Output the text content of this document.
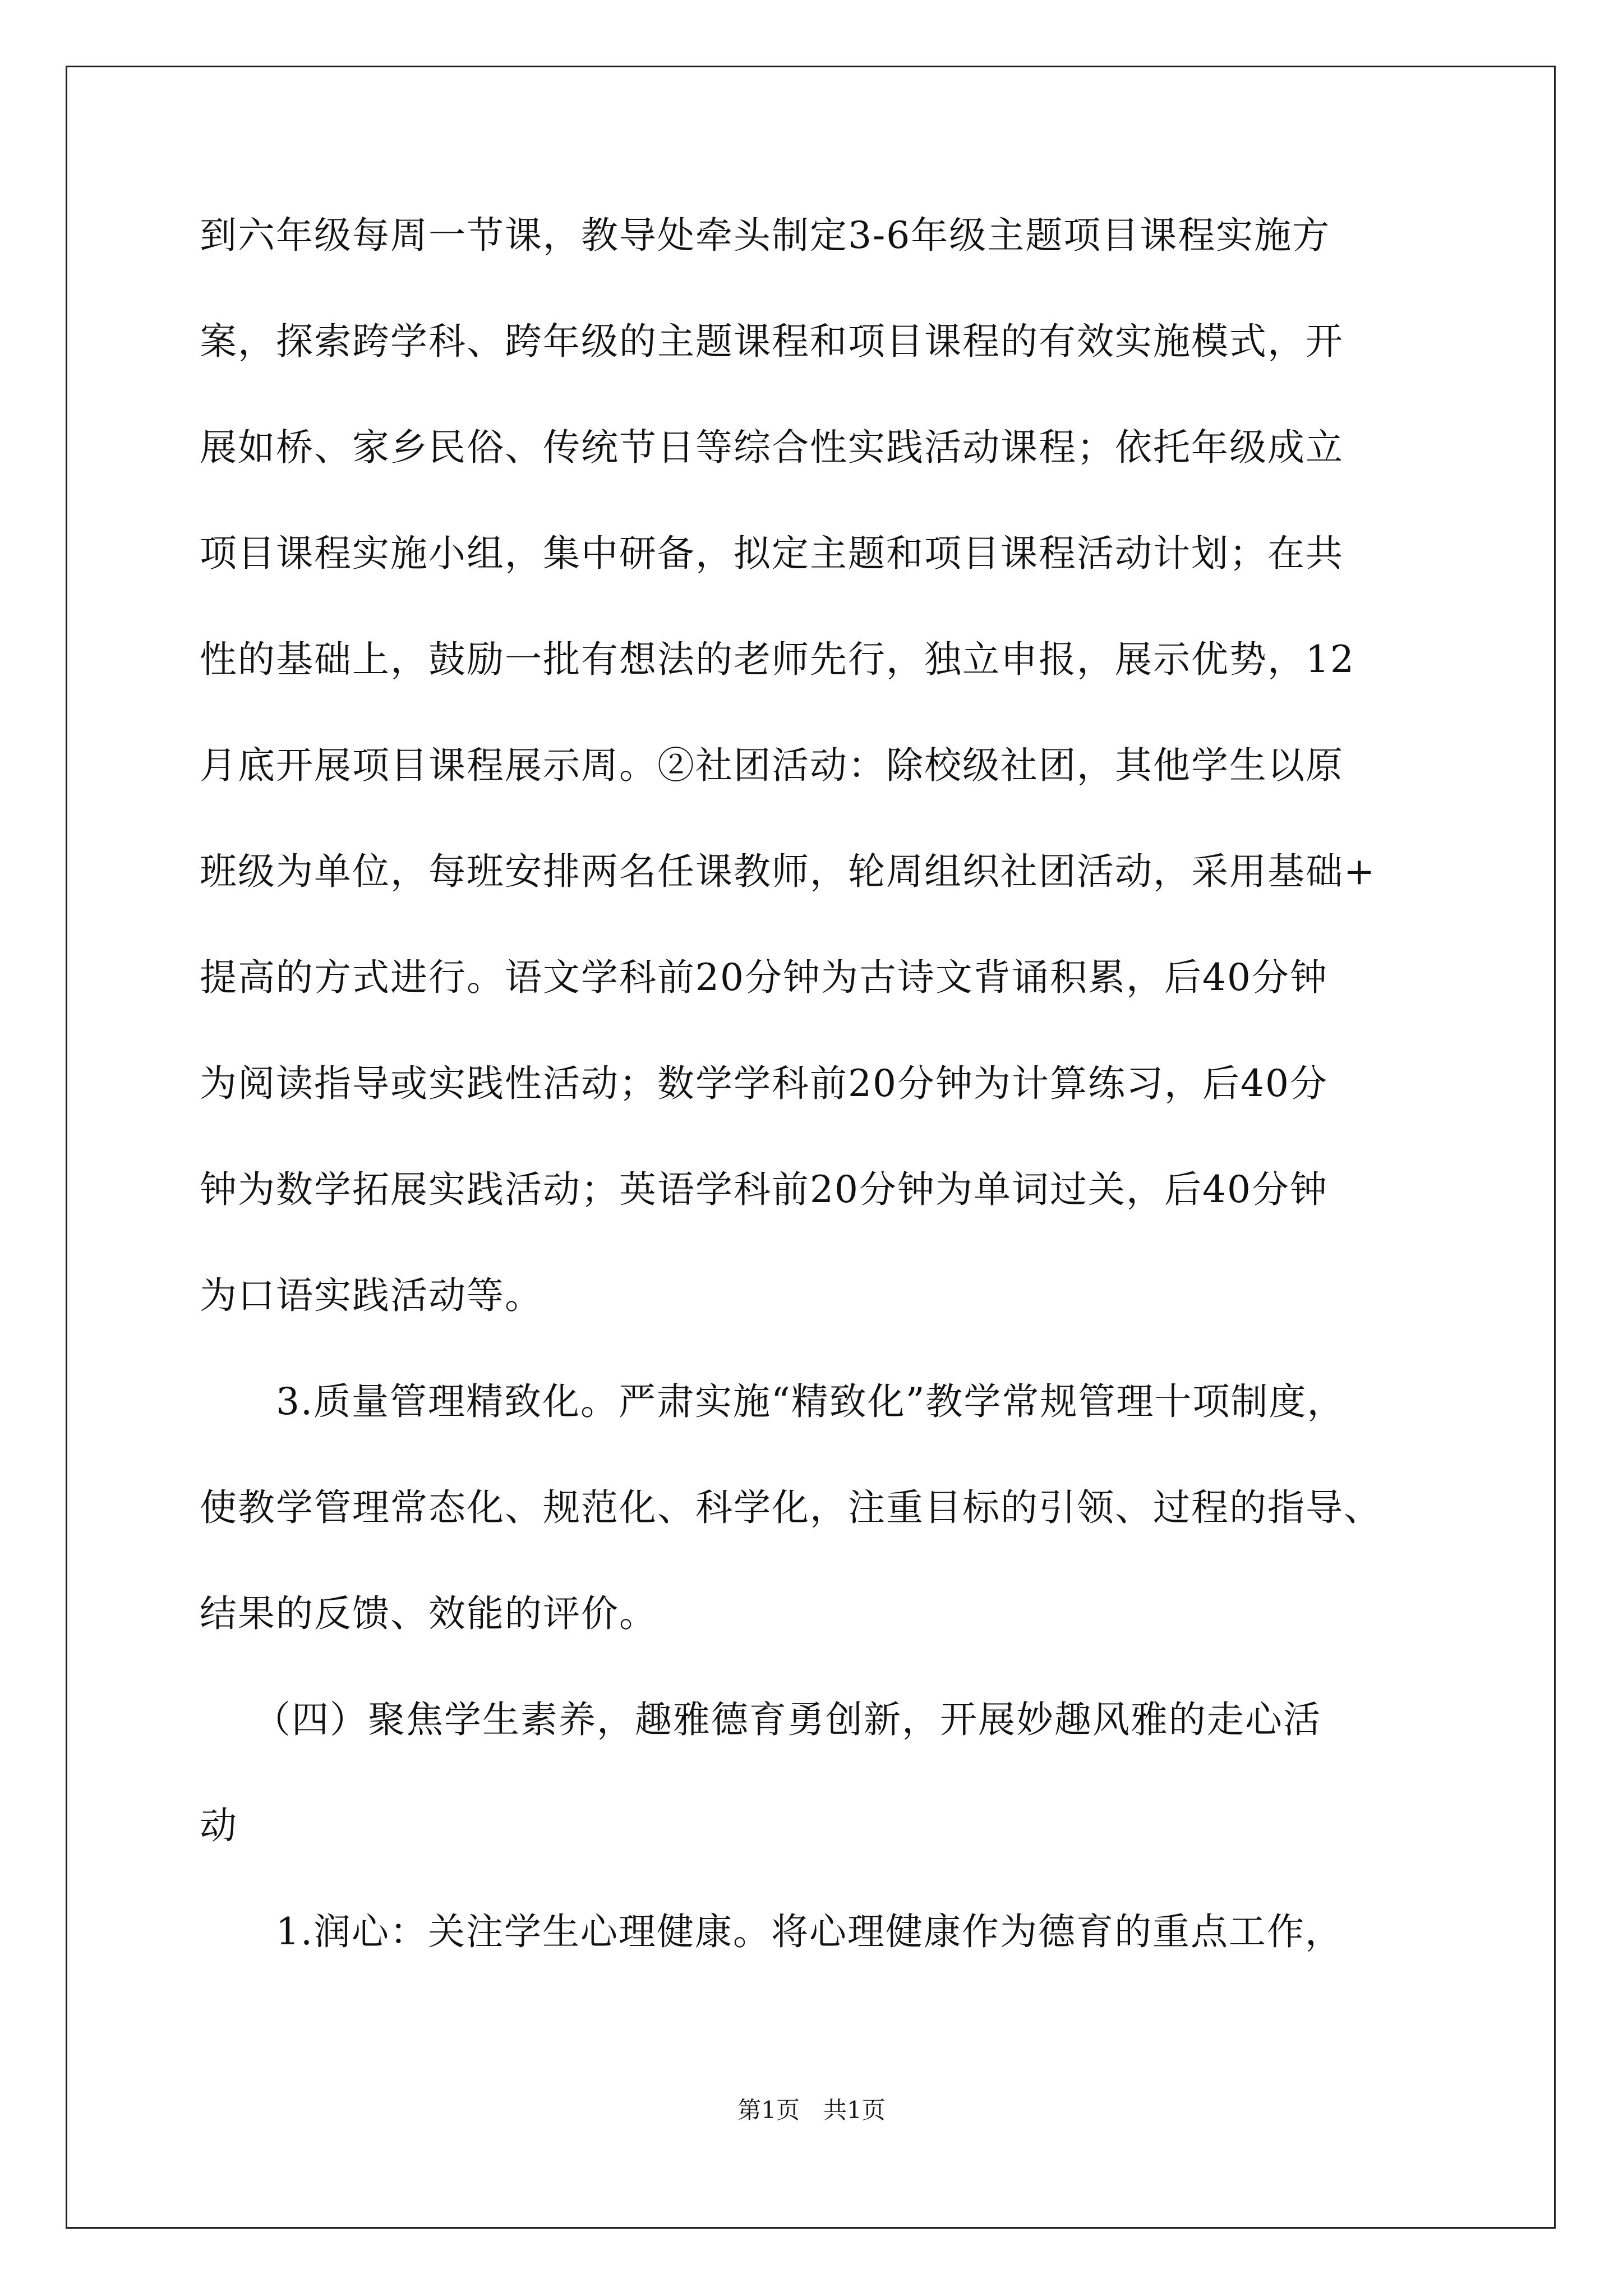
到六年级每周一节课，教导处牵头制定3-6年级主题项目课程实施方
案，探索跨学科、跨年级的主题课程和项目课程的有效实施模式，开
展如桥、家乡民俗、传统节日等综合性实践活动课程；依托年级成立
项目课程实施小组，集中研备，拟定主题和项目课程活动计划；在共
性的基础上，鼓励一批有想法的老师先行，独立申报，展示优势，12
月底开展项目课程展示周。②社团活动：除校级社团，其他学生以原
班级为单位，每班安排两名任课教师，轮周组织社团活动，采用基础+
提高的方式进行。语文学科前20分钟为古诗文背诵积累，后40分钟
为阅读指导或实践性活动；数学学科前20分钟为计算练习，后40分
钟为数学拓展实践活动；英语学科前20分钟为单词过关，后40分钟
为口语实践活动等。
3.质量管理精致化。严肃实施“精致化”教学常规管理十项制度，
使教学管理常态化、规范化、科学化，注重目标的引领、过程的指导、
结果的反馈、效能的评价。
（四）聚焦学生素养，趣雅德育勇创新，开展妙趣风雅的走心活
动
1.润心：关注学生心理健康。将心理健康作为德育的重点工作，
第1页　共1页
